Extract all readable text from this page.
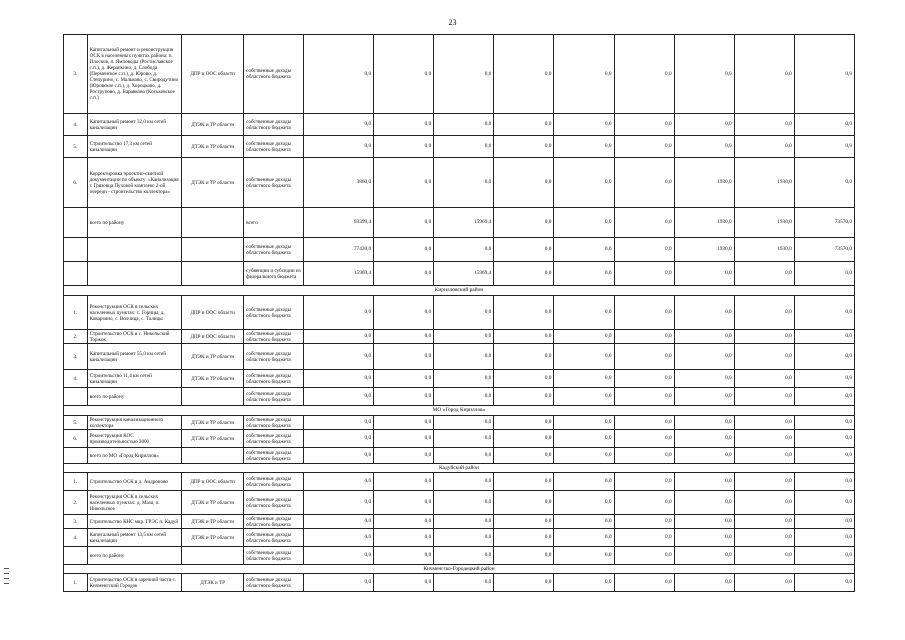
23
3.	Капитальный ремонт и реконструкция ОСК в населенных пунктах района: п. Плосков, п. Ямповоды (Ростиславское с.п.), д. Жерапкино, д. Слобода (Перменское с.п.), д. Юрово, д. Степурино, с. Мальково, с. Свиродутино (Юровское с.п.), д. Хороцково, д. Рострупово, д. Варавково (Коськовское с.п.)	ДПР и ООС области	собственные доходы областного бюджета	0,0	0,0	0,0	0,0	0,0	0,0	0,0	0,0	0,0
4.	Капитальный ремонт 32,0 км сетей канализации	ДТЭК и ТР области	собственные доходы областного бюджета	0,0	0,0	0,0	0,0	0,0	0,0	0,0	0,0	0,0
5.	Строительство 17,3 км сетей канализации	ДТЭК и ТР области	собственные доходы областного бюджета	0,0	0,0	0,0	0,0	0,0	0,0	0,0	0,0	0,0
6.	Корректировка проектно-сметной документации по объекту: «Канализация г. Грязовца Пуховой комплекс 2-ой очереди - строительство коллектора»	ДТЭК и ТР области	собственные доходы областного бюджета	3860,0	0,0	0,0	0,0	0,0	0,0	1930,0	1930,0	0,0
	всего по району		всего	93399,4	0,0	15969,4	0,0	0,0	0,0	1930,0	1930,0	73570,0
			собственные доходы областного бюджета	77430,0	0,0	0,0	0,0	0,0	0,0	1930,0	1930,0	73570,0
			субвенции и субсидии из федерального бюджета	15969,4	0,0	15969,4	0,0	0,0	0,0	0,0	0,0	0,0
Кирилловский район												
1.	Реконструкция ОСК в сельских населенных пунктах: с. Горицы, д. Коварзино, с. Волчица, с. Талицы	ДПР и ООС области	собственные доходы областного бюджета	0,0	0,0	0,0	0,0	0,0	0,0	0,0	0,0	0,0
2.	Строительство ОСК в с. Никольский Торжок	ДПР и ООС области	собственные доходы областного бюджета	0,0	0,0	0,0	0,0	0,0	0,0	0,0	0,0	0,0
3.	Капитальный ремонт 55,0 км сетей канализации	ДТЭК и ТР области	собственные доходы областного бюджета	0,0	0,0	0,0	0,0	0,0	0,0	0,0	0,0	0,0
4.	Строительство 11,4 км сетей канализации	ДТЭК и ТР области	собственные доходы областного бюджета	0,0	0,0	0,0	0,0	0,0	0,0	0,0	0,0	0,0
	всего по району		собственные доходы областного бюджета	0,0	0,0	0,0	0,0	0,0	0,0	0,0	0,0	0,0
МО «Город Кириллов»												
5.	Реконструкция канализационного коллектора	ДТЭК и ТР области	собственные доходы областного бюджета	0,0	0,0	0,0	0,0	0,0	0,0	0,0	0,0	0,0
6.	Реконструкция КОС производительностью 3000	ДТЭК и ТР области	собственные доходы областного бюджета	0,0	0,0	0,0	0,0	0,0	0,0	0,0	0,0	0,0
	всего по МО «Город Кириллов»		собственные доходы областного бюджета	0,0	0,0	0,0	0,0	0,0	0,0	0,0	0,0	0,0
Кадуйский район												
1.	Строительство ОСК в д. Андроново	ДПР и ООС области	собственные доходы областного бюджета	0,0	0,0	0,0	0,0	0,0	0,0	0,0	0,0	0,0
2.	Реконструкция ОСК в сельских населенных пунктах: д. Маза, п. Никольское	ДТЭК и ТР области	собственные доходы областного бюджета	0,0	0,0	0,0	0,0	0,0	0,0	0,0	0,0	0,0
3.	Строительство КНС мкр. ГРЭС п. Кадуй	ДТЭК и ТР области	собственные доходы областного бюджета	0,0	0,0	0,0	0,0	0,0	0,0	0,0	0,0	0,0
4.	Капитальный ремонт 13,5 км сетей канализации	ДТЭК и ТР области	собственные доходы областного бюджета	0,0	0,0	0,0	0,0	0,0	0,0	0,0	0,0	0,0
	всего по району		собственные доходы областного бюджета	0,0	0,0	0,0	0,0	0,0	0,0	0,0	0,0	0,0
Кичменгско-Городецкий район												
1.	Строительство ОСК в заречной части с. Кичменгский Городок	ДТЭК и ТР	собственные доходы областного бюджета	0,0	0,0	0,0	0,0	0,0	0,0	0,0	0,0	0,0
